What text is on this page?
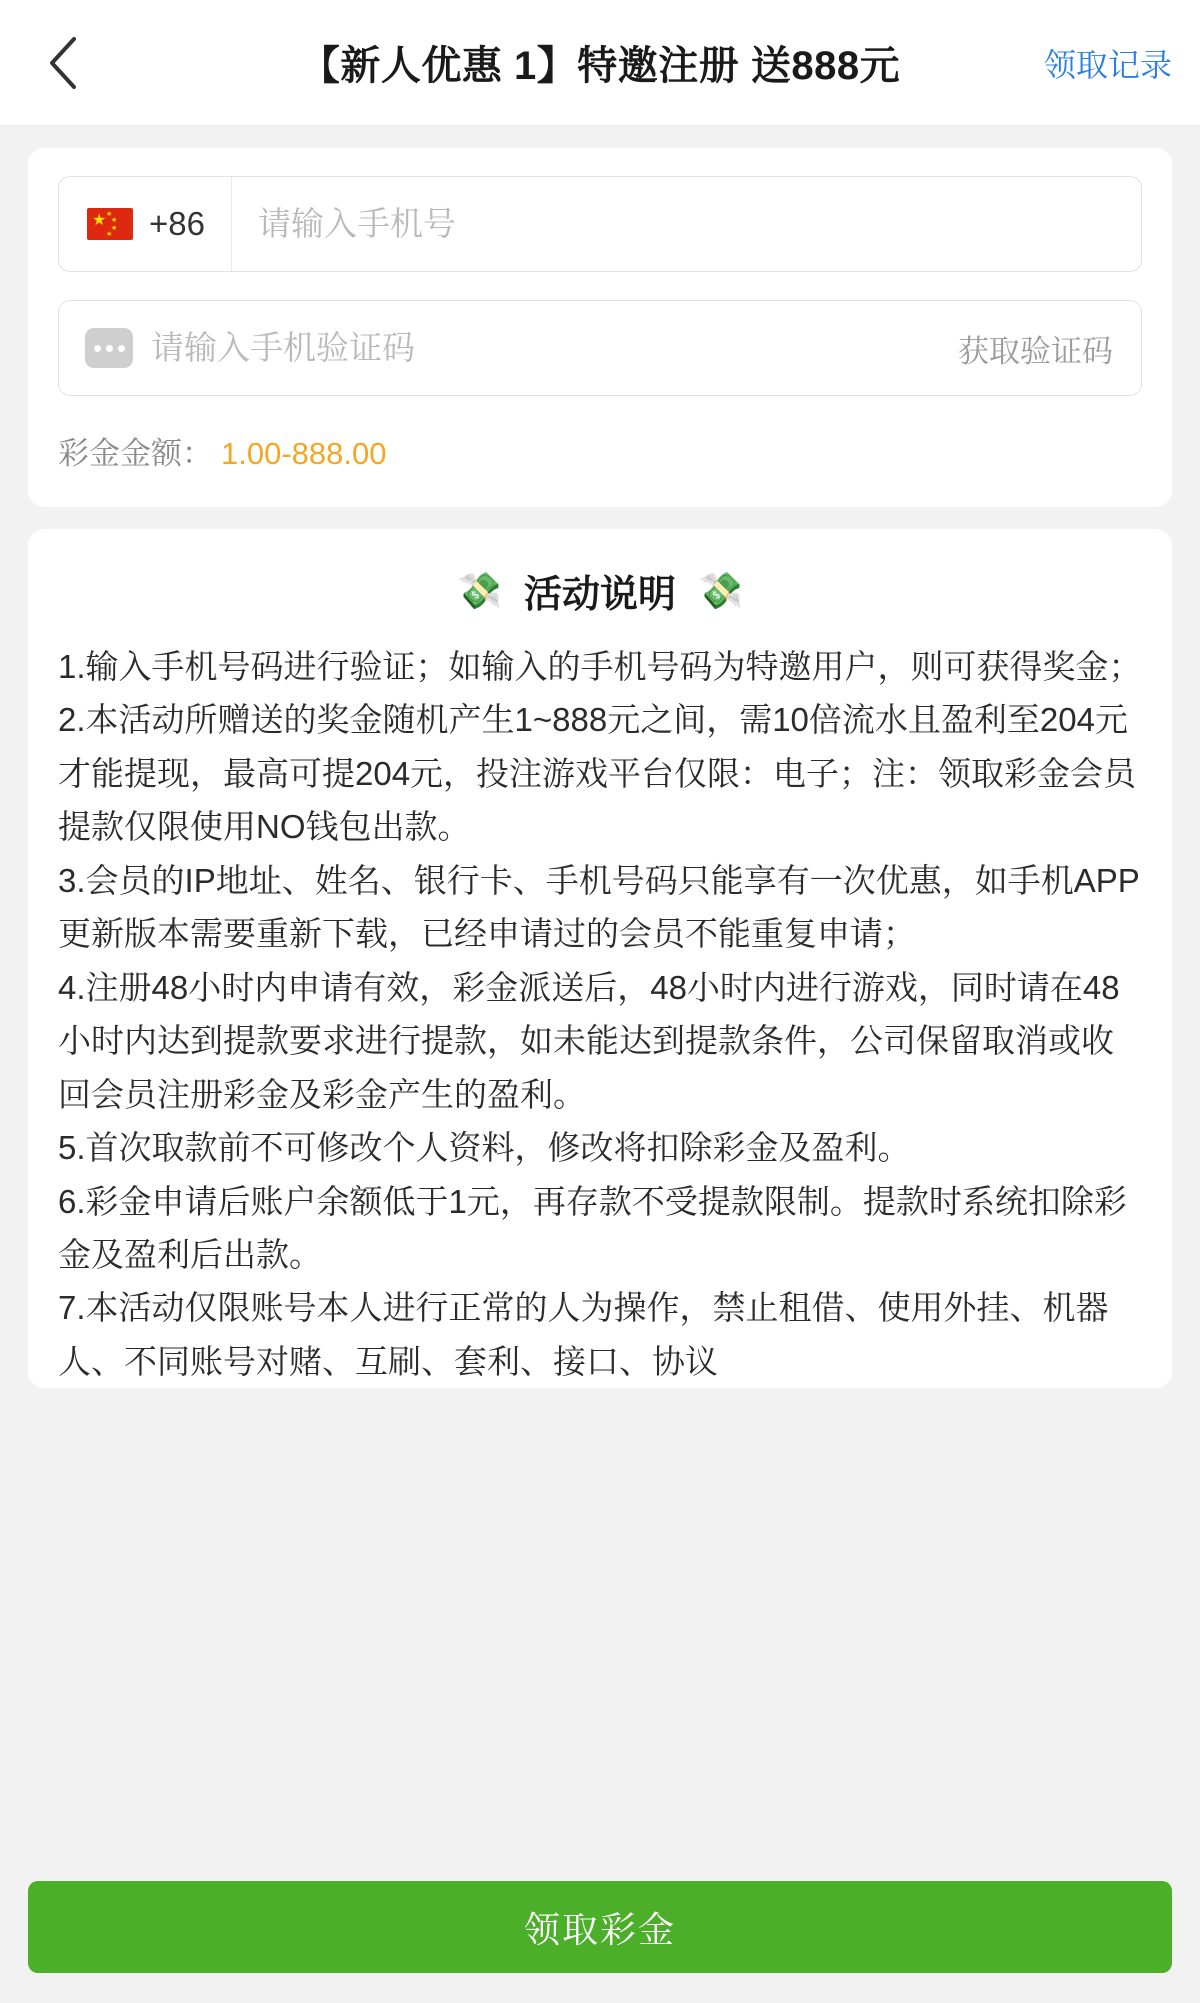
【新人优惠 1】特邀注册 送888元	领取记录
★ ★
★
★
★ +86
请输入手机号
请输入手机验证码
获取验证码
彩金金额： 1.00-888.00
💸 活动说明 💸

1.输入手机号码进行验证；如输入的手机号码为特邀用户，则可获得奖金；

2.本活动所赠送的奖金随机产生1~888元之间，需10倍流水且盈利至204元才能提现，最高可提204元，投注游戏平台仅限：电子；注：领取彩金会员提款仅限使用NO钱包出款。

3.会员的IP地址、姓名、银行卡、手机号码只能享有一次优惠，如手机APP更新版本需要重新下载，已经申请过的会员不能重复申请；

4.注册48小时内申请有效，彩金派送后，48小时内进行游戏，同时请在48小时内达到提款要求进行提款，如未能达到提款条件，公司保留取消或收回会员注册彩金及彩金产生的盈利。

5.首次取款前不可修改个人资料，修改将扣除彩金及盈利。

6.彩金申请后账户余额低于1元，再存款不受提款限制。提款时系统扣除彩金及盈利后出款。

7.本活动仅限账号本人进行正常的人为操作，禁止租借、使用外挂、机器人、不同账号对赌、互刷、套利、接口、协议

领取彩金
